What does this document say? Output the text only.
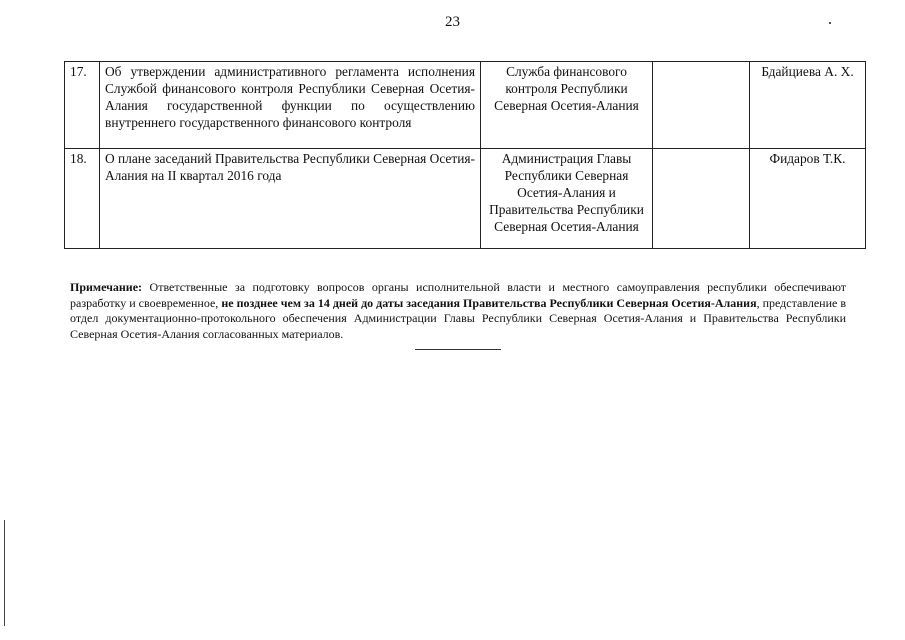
23
17.	Об утверждении административного регламента исполнения Службой финансового контроля Республики Северная Осетия-Алания государственной функции по осуществлению внутреннего государственного финансового контроля	Служба финансового контроля Республики Северная Осетия-Алания		Бдайциева А. Х.
18.	О плане заседаний Правительства Республики Северная Осетия-Алания на II квартал 2016 года	Администрация Главы Республики Северная Осетия-Алания и Правительства Республики Северная Осетия-Алания		Фидаров Т.К.
Примечание: Ответственные за подготовку вопросов органы исполнительной власти и местного самоуправления республики обеспечивают разработку и своевременное, не позднее чем за 14 дней до даты заседания Правительства Республики Северная Осетия-Алания, представление в отдел документационно-протокольного обеспечения Администрации Главы Республики Северная Осетия-Алания и Правительства Республики Северная Осетия-Алания согласованных материалов.
